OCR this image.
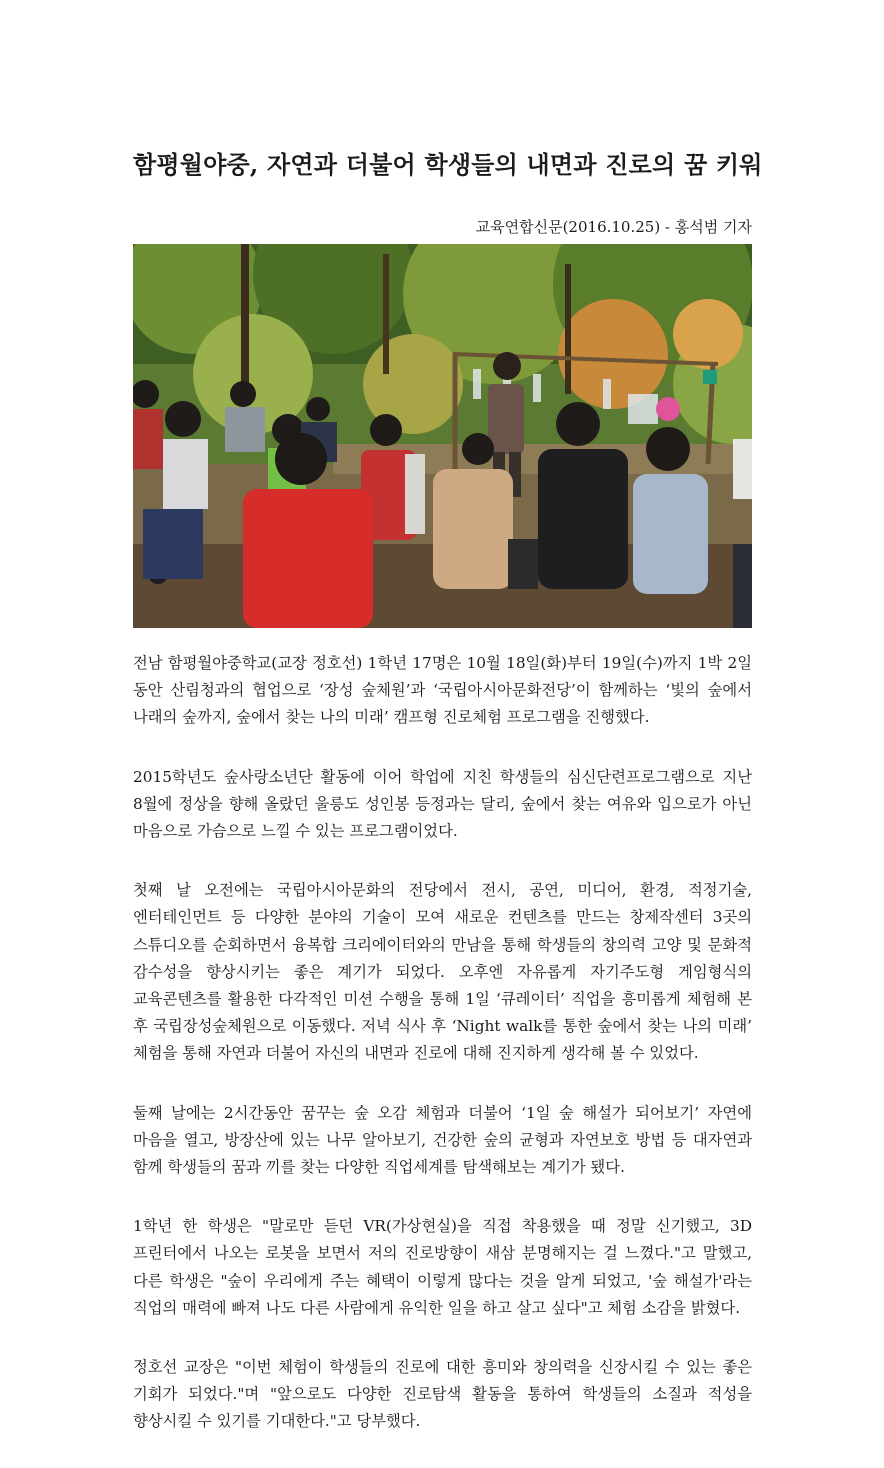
함평월야중, 자연과 더불어 학생들의 내면과 진로의 꿈 키워
교육연합신문(2016.10.25) - 홍석범 기자

전남 함평월야중학교(교장 정호선) 1학년 17명은 10월 18일(화)부터 19일(수)까지 1박 2일 동안 산림청과의 협업으로 ‘장성 숲체원’과 ‘국립아시아문화전당’이 함께하는 ‘빛의 숲에서 나래의 숲까지, 숲에서 찾는 나의 미래’ 캠프형 진로체험 프로그램을 진행했다.

2015학년도 숲사랑소년단 활동에 이어 학업에 지친 학생들의 심신단련프로그램으로 지난 8월에 정상을 향해 올랐던 울릉도 성인봉 등정과는 달리, 숲에서 찾는 여유와 입으로가 아닌 마음으로 가슴으로 느낄 수 있는 프로그램이었다.

첫째 날 오전에는 국립아시아문화의 전당에서 전시, 공연, 미디어, 환경, 적정기술, 엔터테인먼트 등 다양한 분야의 기술이 모여 새로운 컨텐츠를 만드는 창제작센터 3곳의 스튜디오를 순회하면서 융복합 크리에이터와의 만남을 통해 학생들의 창의력 고양 및 문화적 감수성을 향상시키는 좋은 계기가 되었다. 오후엔 자유롭게 자기주도형 게임형식의 교육콘텐츠를 활용한 다각적인 미션 수행을 통해 1일 ‘큐레이터’ 직업을 흥미롭게 체험해 본 후 국립장성숲체원으로 이동했다. 저녁 식사 후 ‘Night walk를 통한 숲에서 찾는 나의 미래’ 체험을 통해 자연과 더불어 자신의 내면과 진로에 대해 진지하게 생각해 볼 수 있었다.

둘째 날에는 2시간동안 꿈꾸는 숲 오감 체험과 더불어 ‘1일 숲 해설가 되어보기’ 자연에 마음을 열고, 방장산에 있는 나무 알아보기, 건강한 숲의 균형과 자연보호 방법 등 대자연과 함께 학생들의 꿈과 끼를 찾는 다양한 직업세계를 탐색해보는 계기가 됐다.

1학년 한 학생은 "말로만 듣던 VR(가상현실)을 직접 착용했을 때 정말 신기했고, 3D 프린터에서 나오는 로봇을 보면서 저의 진로방향이 새삼 분명해지는 걸 느꼈다."고 말했고, 다른 학생은 "숲이 우리에게 주는 혜택이 이렇게 많다는 것을 알게 되었고, '숲 해설가'라는 직업의 매력에 빠져 나도 다른 사람에게 유익한 일을 하고 살고 싶다"고 체험 소감을 밝혔다.

정호선 교장은 "이번 체험이 학생들의 진로에 대한 흥미와 창의력을 신장시킬 수 있는 좋은 기회가 되었다."며 "앞으로도 다양한 진로탐색 활동을 통하여 학생들의 소질과 적성을 향상시킬 수 있기를 기대한다."고 당부했다.
